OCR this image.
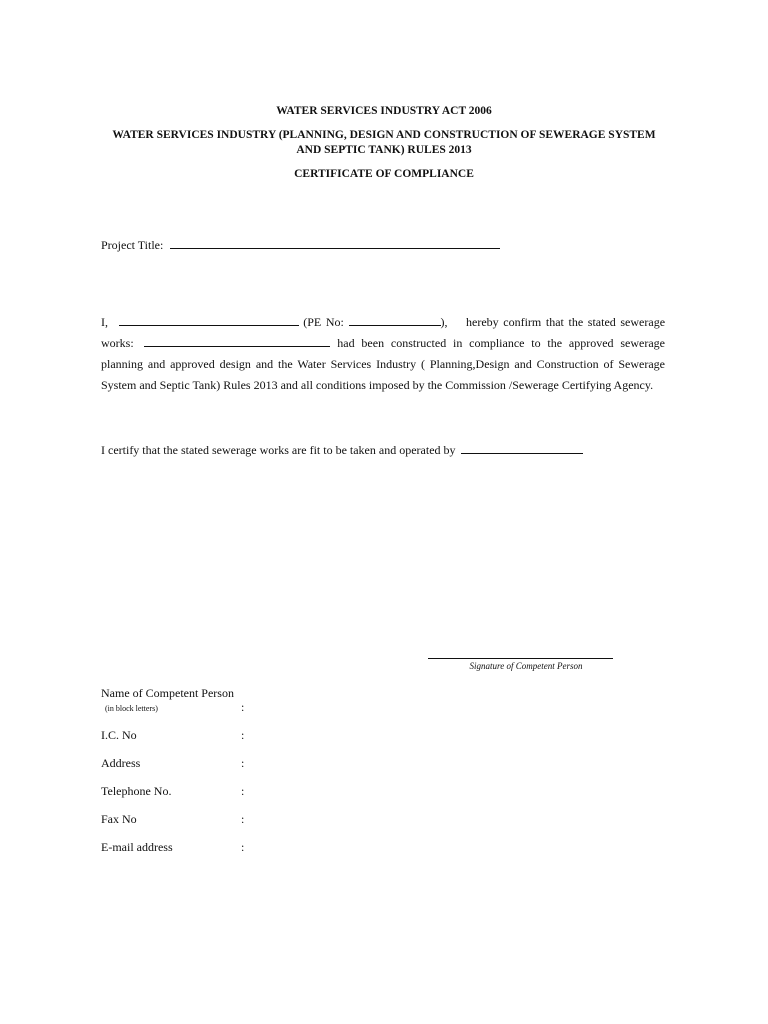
WATER SERVICES INDUSTRY ACT 2006
WATER SERVICES INDUSTRY (PLANNING, DESIGN AND CONSTRUCTION OF SEWERAGE SYSTEM
AND SEPTIC TANK) RULES 2013
CERTIFICATE OF COMPLIANCE
Project Title:
I,	(PE No:	), hereby confirm that the stated sewerage works:	had been constructed in compliance to the approved sewerage planning and approved design and the Water Services Industry ( Planning,Design and Construction of Sewerage System and Septic Tank) Rules 2013 and all conditions imposed by the Commission /Sewerage Certifying Agency.
I certify that the stated sewerage works are fit to be taken and operated by
Signature of Competent Person
Name of Competent Person
(in block letters)	:
I.C. No	:
Address	:
Telephone No.	:
Fax No	:
E-mail address	:
